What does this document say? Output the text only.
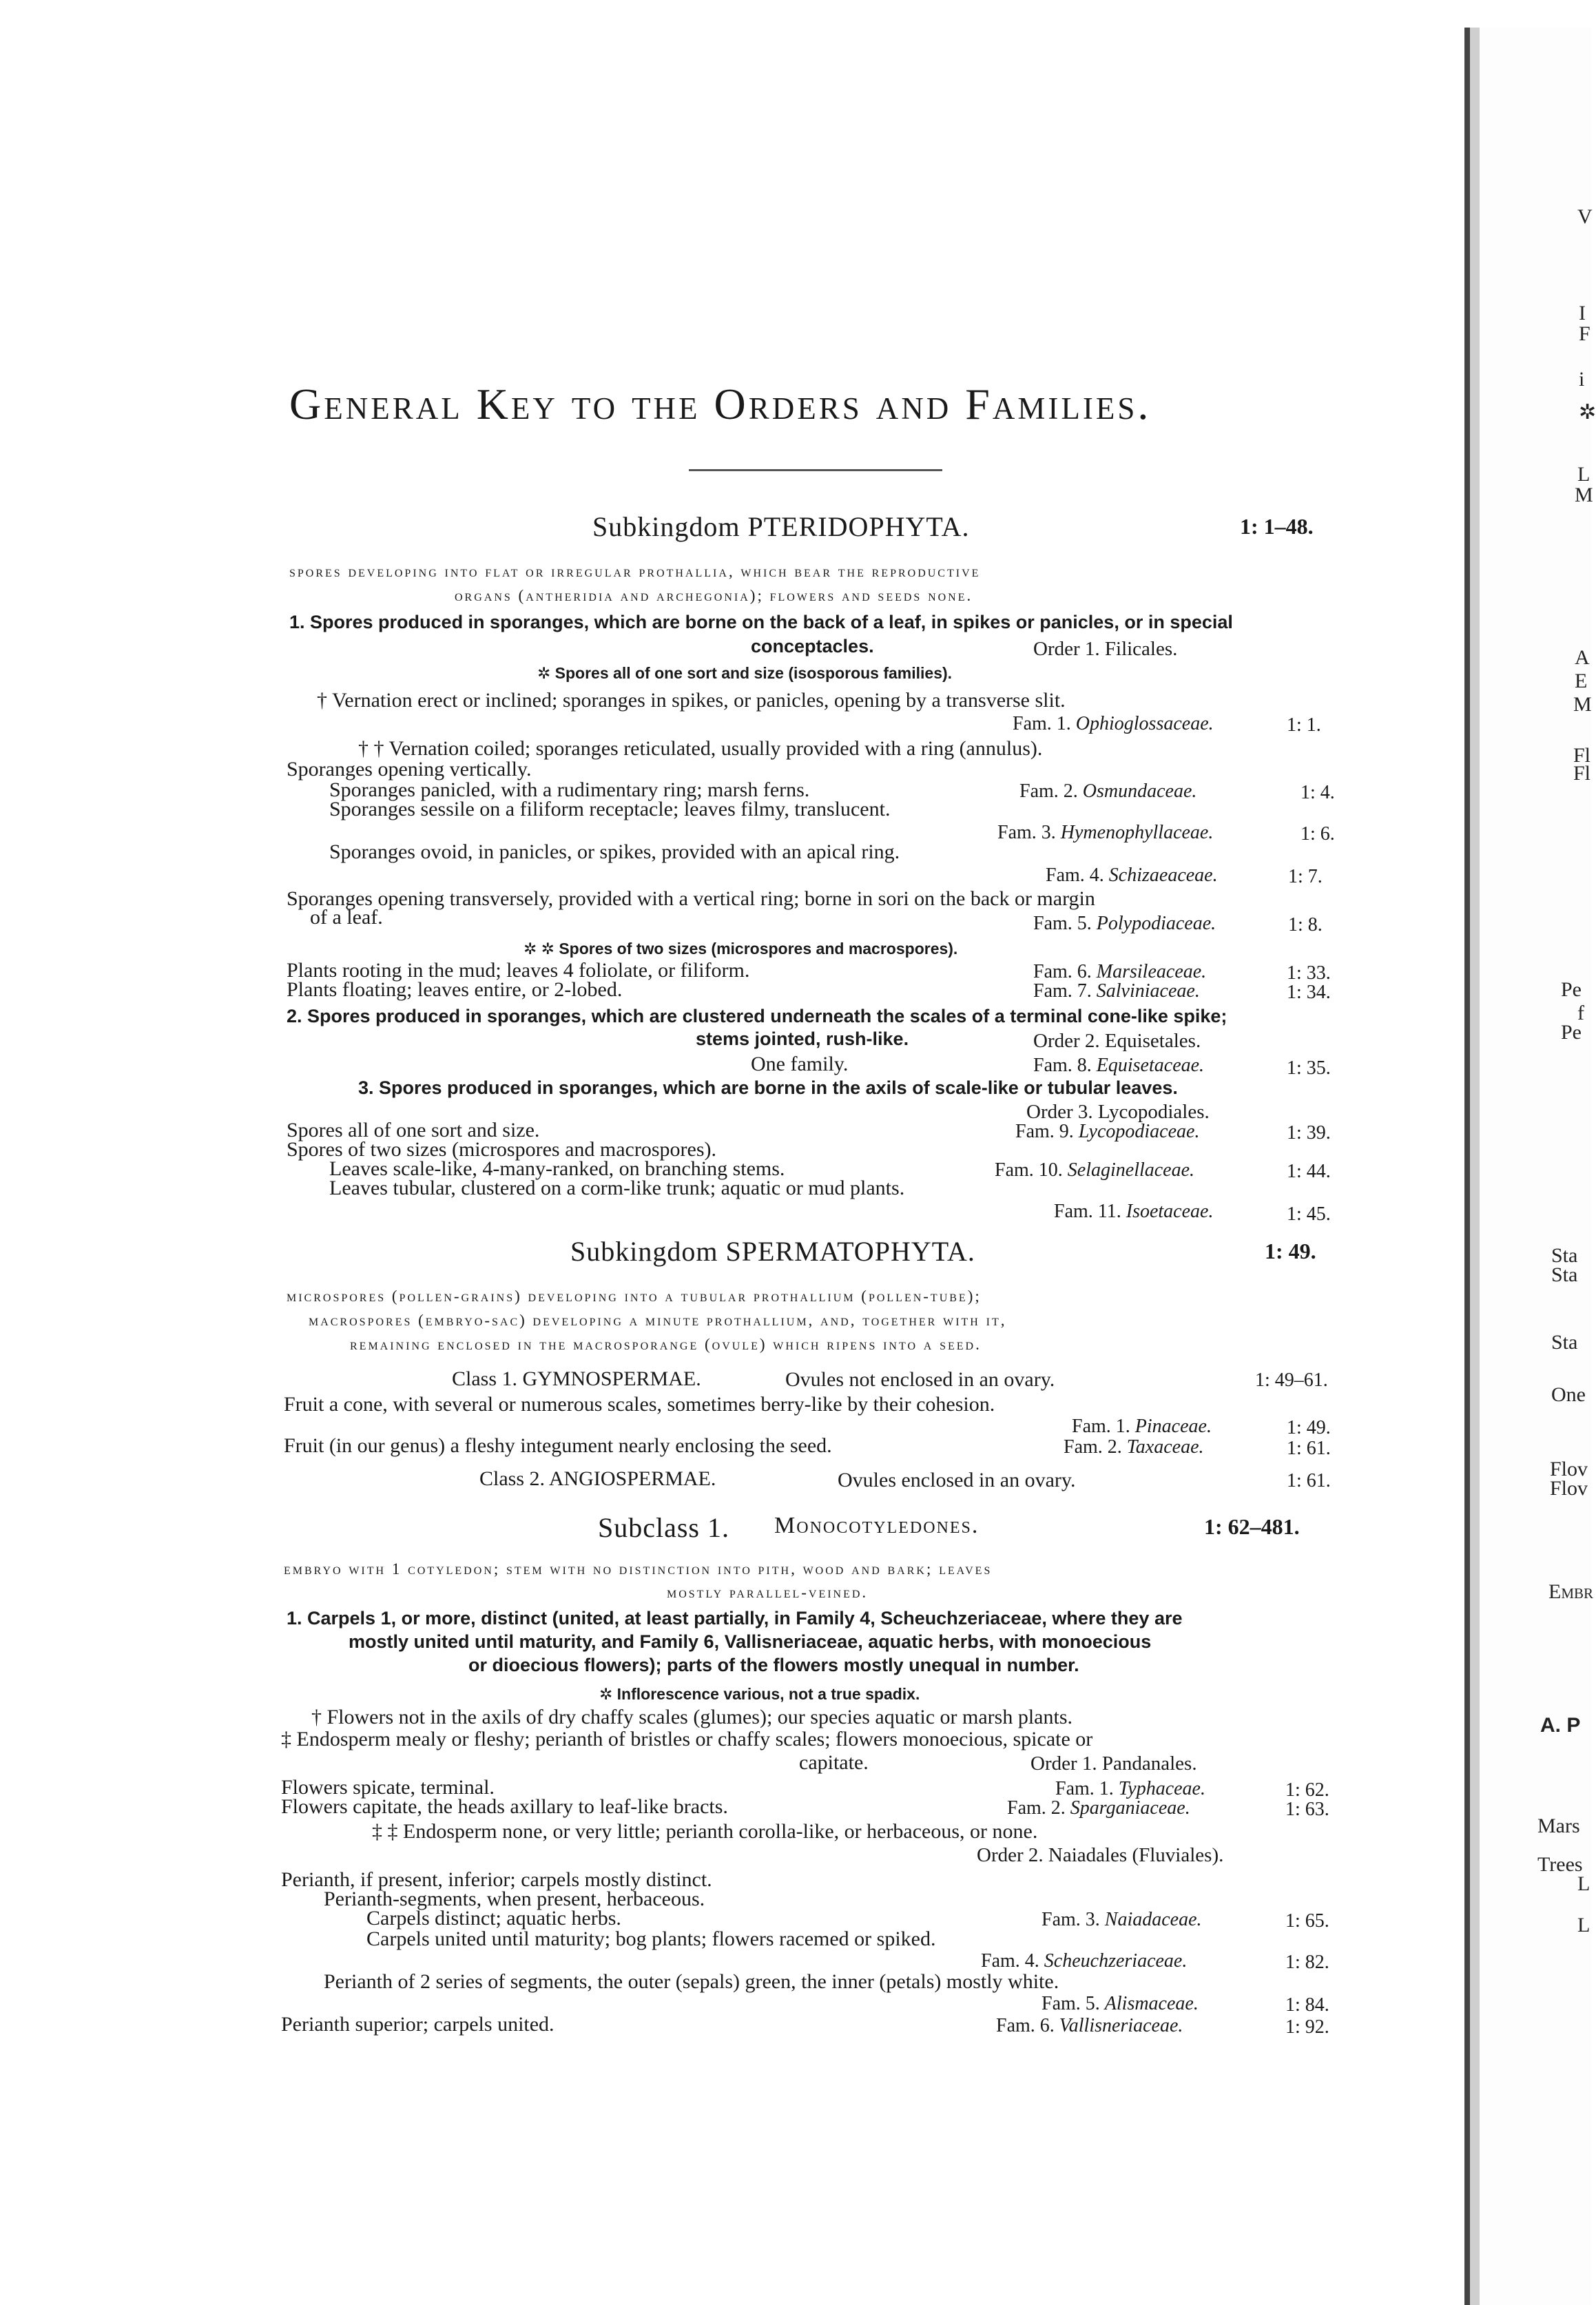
General Key to the Orders and Families.
Subkingdom PTERIDOPHYTA.	1: 1–48.
spores developing into flat or irregular prothallia, which bear the reproductive
organs (antheridia and archegonia); flowers and seeds none.
1. Spores produced in sporanges, which are borne on the back of a leaf, in spikes or panicles, or in special
conceptacles.	Order 1. Filicales.
✲ Spores all of one sort and size (isosporous families).
† Vernation erect or inclined; sporanges in spikes, or panicles, opening by a transverse slit.
Fam. 1. Ophioglossaceae.	1: 1.
† † Vernation coiled; sporanges reticulated, usually provided with a ring (annulus).
Sporanges opening vertically.
Sporanges panicled, with a rudimentary ring; marsh ferns.	Fam. 2. Osmundaceae.	1: 4.
Sporanges sessile on a filiform receptacle; leaves filmy, translucent.
Fam. 3. Hymenophyllaceae.	1: 6.
Sporanges ovoid, in panicles, or spikes, provided with an apical ring.
Fam. 4. Schizaeaceae.	1: 7.
Sporanges opening transversely, provided with a vertical ring; borne in sori on the back or margin
of a leaf.	Fam. 5. Polypodiaceae.	1: 8.
✲ ✲ Spores of two sizes (microspores and macrospores).
Plants rooting in the mud; leaves 4 foliolate, or filiform.	Fam. 6. Marsileaceae.	1: 33.
Plants floating; leaves entire, or 2-lobed.	Fam. 7. Salviniaceae.	1: 34.
2. Spores produced in sporanges, which are clustered underneath the scales of a terminal cone-like spike;
stems jointed, rush-like.	Order 2. Equisetales.
One family.	Fam. 8. Equisetaceae.	1: 35.
3. Spores produced in sporanges, which are borne in the axils of scale-like or tubular leaves.
Order 3. Lycopodiales.
Spores all of one sort and size.	Fam. 9. Lycopodiaceae.	1: 39.
Spores of two sizes (microspores and macrospores).
Leaves scale-like, 4-many-ranked, on branching stems.	Fam. 10. Selaginellaceae.	1: 44.
Leaves tubular, clustered on a corm-like trunk; aquatic or mud plants.
Fam. 11. Isoetaceae.	1: 45.
Subkingdom SPERMATOPHYTA.	1: 49.
microspores (pollen-grains) developing into a tubular prothallium (pollen-tube);
macrospores (embryo-sac) developing a minute prothallium, and, together with it,
remaining enclosed in the macrosporange (ovule) which ripens into a seed.
Class 1. GYMNOSPERMAE.	Ovules not enclosed in an ovary.	1: 49–61.
Fruit a cone, with several or numerous scales, sometimes berry-like by their cohesion.
Fam. 1. Pinaceae.	1: 49.
Fruit (in our genus) a fleshy integument nearly enclosing the seed.	Fam. 2. Taxaceae.	1: 61.
Class 2. ANGIOSPERMAE.	Ovules enclosed in an ovary.	1: 61.
Subclass 1. Monocotyledones.	1: 62–481.
embryo with 1 cotyledon; stem with no distinction into pith, wood and bark; leaves
mostly parallel-veined.
1. Carpels 1, or more, distinct (united, at least partially, in Family 4, Scheuchzeriaceae, where they are
mostly united until maturity, and Family 6, Vallisneriaceae, aquatic herbs, with monoecious
or dioecious flowers); parts of the flowers mostly unequal in number.
✲ Inflorescence various, not a true spadix.
† Flowers not in the axils of dry chaffy scales (glumes); our species aquatic or marsh plants.
‡ Endosperm mealy or fleshy; perianth of bristles or chaffy scales; flowers monoecious, spicate or
capitate.	Order 1. Pandanales.
Flowers spicate, terminal.	Fam. 1. Typhaceae.	1: 62.
Flowers capitate, the heads axillary to leaf-like bracts.	Fam. 2. Sparganiaceae.	1: 63.
‡ ‡ Endosperm none, or very little; perianth corolla-like, or herbaceous, or none.
Order 2. Naiadales (Fluviales).
Perianth, if present, inferior; carpels mostly distinct.
Perianth-segments, when present, herbaceous.
Carpels distinct; aquatic herbs.	Fam. 3. Naiadaceae.	1: 65.
Carpels united until maturity; bog plants; flowers racemed or spiked.
Fam. 4. Scheuchzeriaceae.	1: 82.
Perianth of 2 series of segments, the outer (sepals) green, the inner (petals) mostly white.
Fam. 5. Alismaceae.	1: 84.
Perianth superior; carpels united.	Fam. 6. Vallisneriaceae.	1: 92.
V
I
F
i
✲
L
M
A
E
M
Fl
Fl
Pe
f
Pe
Sta
Sta
Sta
One
Flov
Flov
Embr
A. P
Mars
Trees
L
L
